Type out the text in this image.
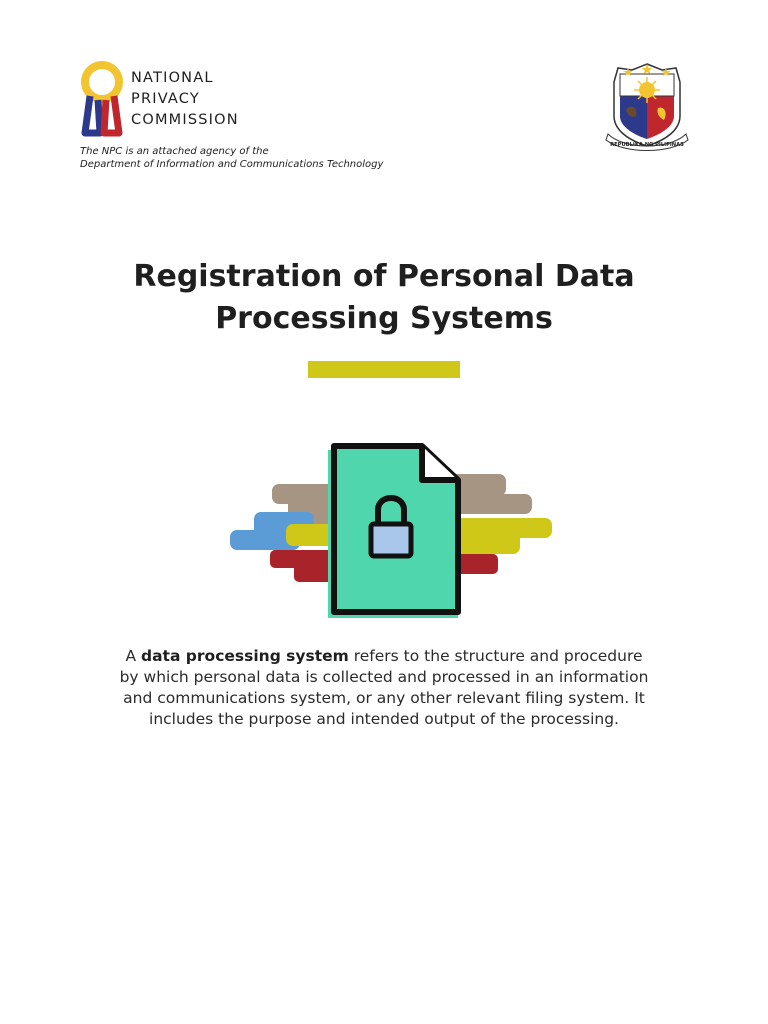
NATIONAL
PRIVACY
COMMISSION
The NPC is an attached agency of the
Department of Information and Communications Technology
REPUBLIKA NG PILIPINAS
Registration of Personal Data
Processing Systems
A data processing system refers to the structure and procedure
by which personal data is collected and processed in an information
and communications system, or any other relevant filing system. It
includes the purpose and intended output of the processing.
